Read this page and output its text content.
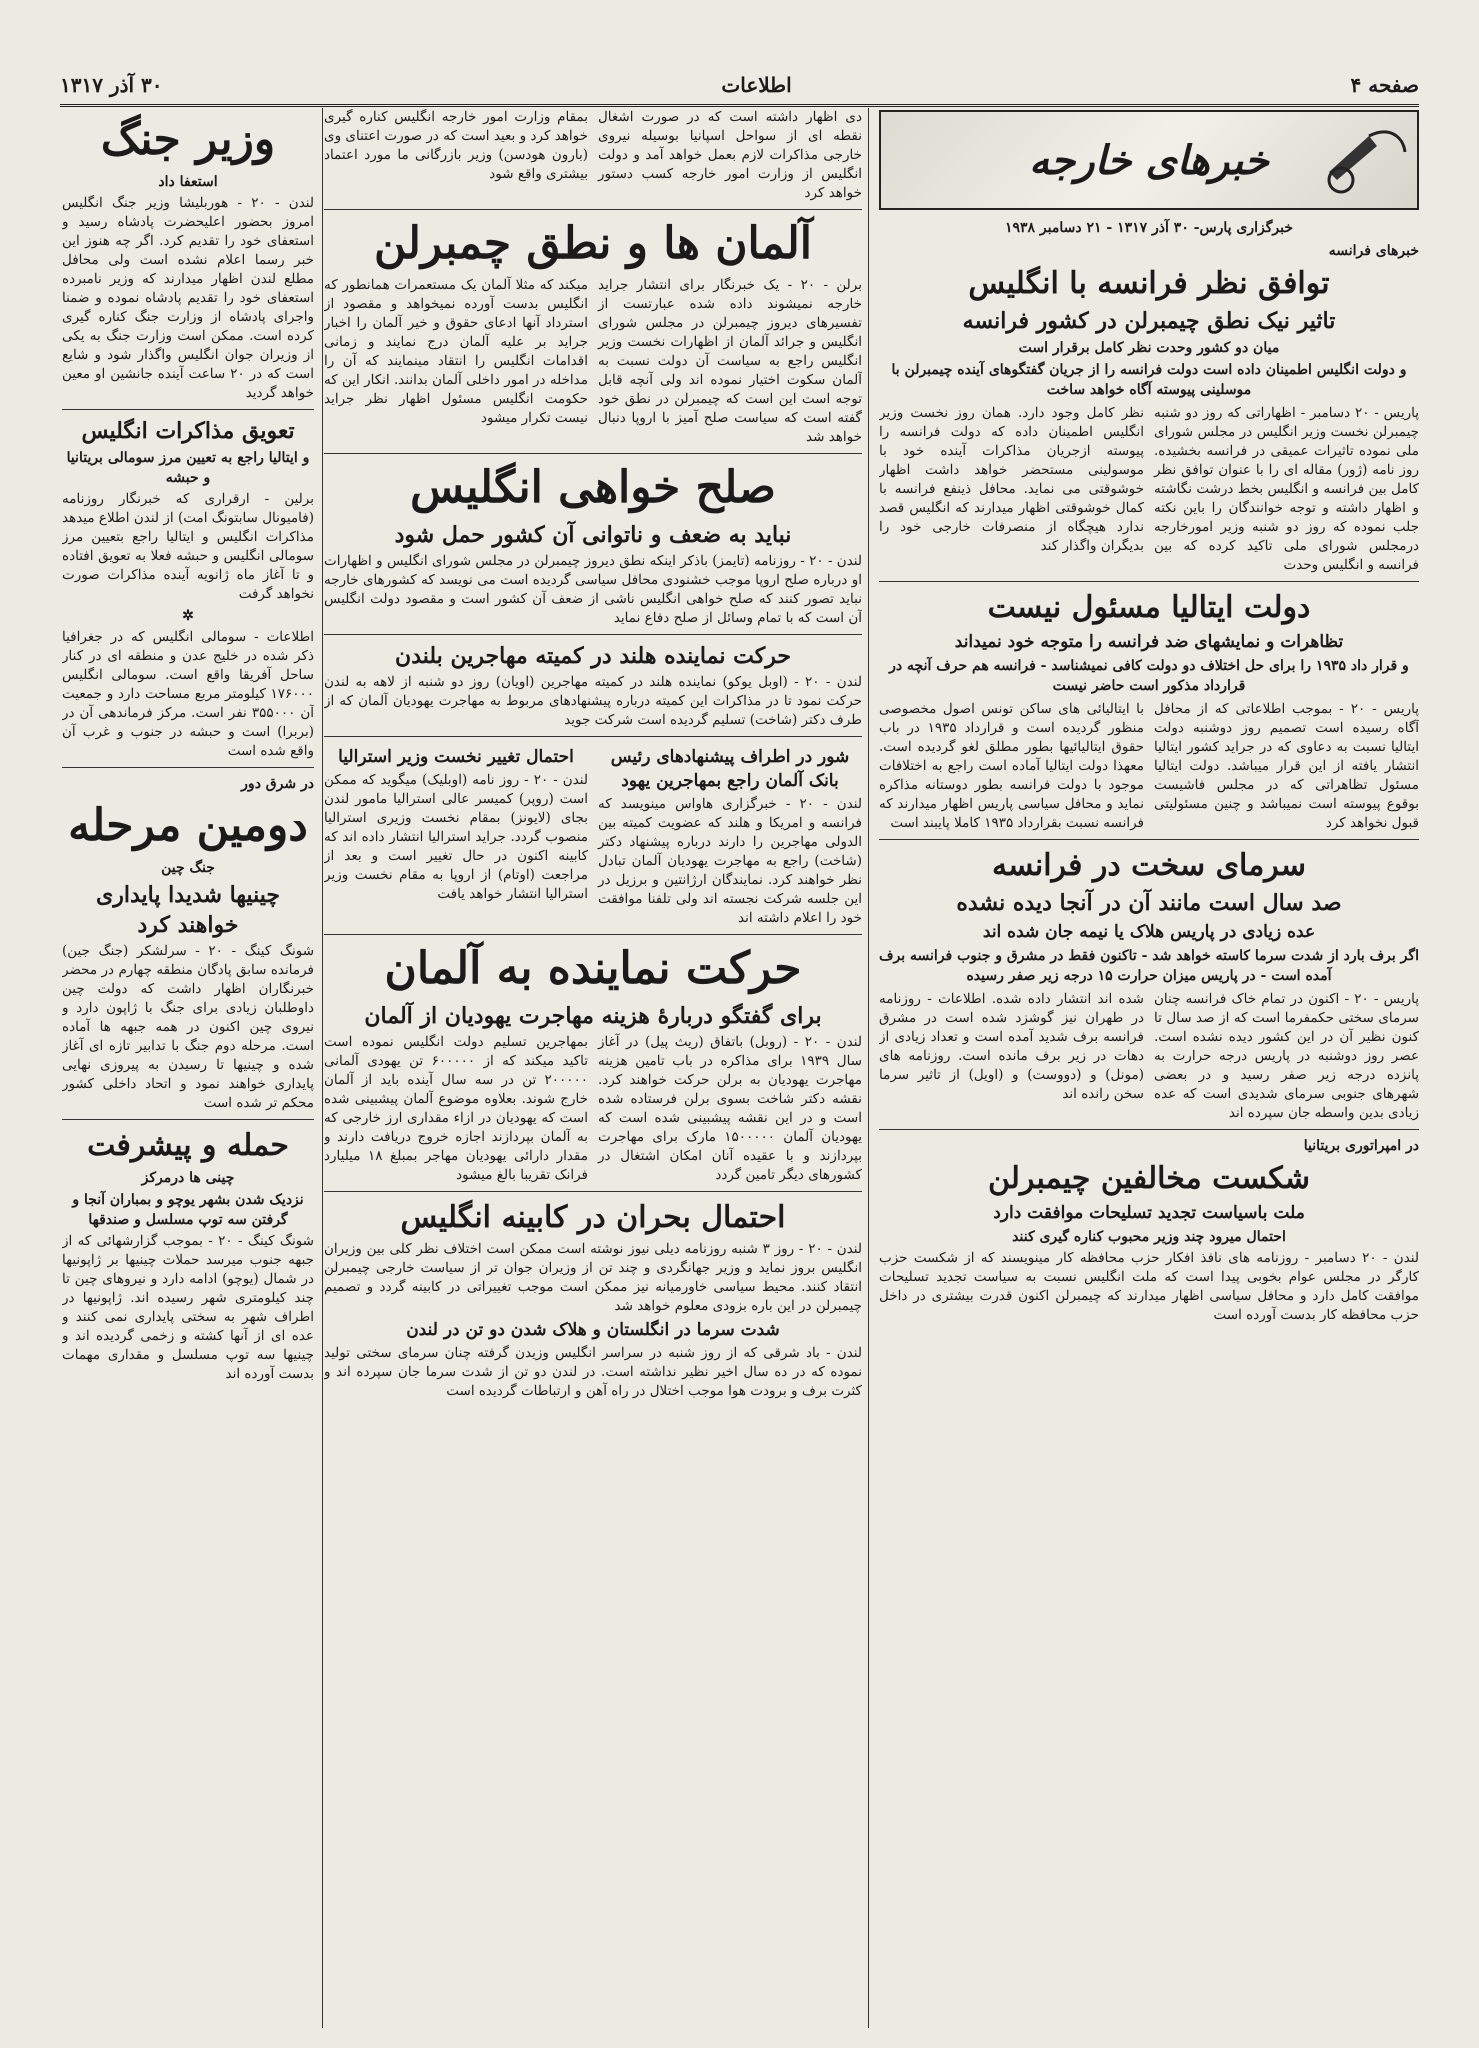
صفحه ۴
اطلاعات
۳۰ آذر ۱۳۱۷
خبرهای خارجه
خبرگزاری پارس- ۳۰ آذر ۱۳۱۷ - ۲۱ دسامبر ۱۹۳۸
خبرهای فرانسه
توافق نظر فرانسه با انگلیس
تاثیر نیک نطق چیمبرلن در کشور فرانسه
میان دو کشور وحدت نظر کامل برقرار است
و دولت انگلیس اطمینان داده است دولت فرانسه را از جریان گفتگوهای آینده چیمبرلن با موسلینی پیوسته آگاه خواهد ساخت

پاریس - ۲۰ دسامبر - اظهاراتی که روز دو شنبه چیمبرلن نخست وزیر انگلیس در مجلس شورای ملی نموده تاثیرات عمیقی در فرانسه بخشیده. روز نامه (ژور) مقاله ای را با عنوان توافق نظر کامل بین فرانسه و انگلیس بخط درشت نگاشته و اظهار داشته و توجه خوانندگان را باین نکته جلب نموده که روز دو شنبه وزیر امورخارجه درمجلس شورای ملی تاکید کرده که بین فرانسه و انگلیس وحدت

نظر کامل وجود دارد. همان روز نخست وزیر انگلیس اطمینان داده که دولت فرانسه را پیوسته ازجریان مذاکرات آینده خود با موسولینی مستحضر خواهد داشت اظهار خوشوقتی می نماید. محافل ذینفع فرانسه با کمال خوشوقتی اظهار میدارند که انگلیس قصد ندارد هیچگاه از منصرفات خارجی خود را بدیگران واگذار کند

دولت ایتالیا مسئول نیست
تظاهرات و نمایشهای ضد فرانسه را متوجه خود نمیداند
و قرار داد ۱۹۳۵ را برای حل اختلاف دو دولت کافی نمیشناسد - فرانسه هم حرف آنچه در قرارداد مذکور است حاضر نیست

پاریس - ۲۰ - بموجب اطلاعاتی که از محافل آگاه رسیده است تصمیم روز دوشنبه دولت ایتالیا نسبت به دعاوی که در جراید کشور ایتالیا انتشار یافته از این قرار میباشد. دولت ایتالیا مسئول تظاهراتی که در مجلس فاشیست بوقوع پیوسته است نمیباشد و چنین مسئولیتی قبول نخواهد کرد

با ایتالیائی های ساکن تونس اصول مخصوصی منظور گردیده است و قرارداد ۱۹۳۵ در باب حقوق ایتالیائیها بطور مطلق لغو گردیده است. معهذا دولت ایتالیا آماده است راجع به اختلافات موجود با دولت فرانسه بطور دوستانه مذاکره نماید و محافل سیاسی پاریس اظهار میدارند که فرانسه نسبت بقرارداد ۱۹۳۵ کاملا پایبند است

سرمای سخت در فرانسه
صد سال است مانند آن در آنجا دیده نشده
عده زیادی در پاریس هلاک یا نیمه جان شده اند
اگر برف بارد از شدت سرما کاسته خواهد شد - تاکنون فقط در مشرق و جنوب فرانسه برف آمده است - در پاریس میزان حرارت ۱۵ درجه زیر صفر رسیده

پاریس - ۲۰ - اکنون در تمام خاک فرانسه چنان سرمای سختی حکمفرما است که از صد سال تا کنون نظیر آن در این کشور دیده نشده است. عصر روز دوشنبه در پاریس درجه حرارت به پانزده درجه زیر صفر رسید و در بعضی شهرهای جنوبی سرمای شدیدی است که عده زیادی بدین واسطه جان سپرده اند

شده اند انتشار داده شده. اطلاعات - روزنامه در طهران نیز گوشزد شده است در مشرق فرانسه برف شدید آمده است و تعداد زیادی از دهات در زیر برف مانده است. روزنامه های (مونل) و (دووست) و (اویل) از تاثیر سرما سخن رانده اند

در امپراتوری بریتانیا
شکست مخالفین چیمبرلن
ملت باسیاست تجدید تسلیحات موافقت دارد
احتمال میرود چند وزیر محبوب کناره گیری کنند

لندن - ۲۰ دسامبر - روزنامه های نافذ افکار حزب محافظه کار مینویسند که از شکست حزب کارگر در مجلس عوام بخوبی پیدا است که ملت انگلیس نسبت به سیاست تجدید تسلیحات موافقت کامل دارد و محافل سیاسی اظهار میدارند که چیمبرلن اکنون قدرت بیشتری در داخل حزب محافظه کار بدست آورده است

دی اظهار داشته است که در صورت اشغال نقطه ای از سواحل اسپانیا بوسیله نیروی خارجی مذاکرات لازم بعمل خواهد آمد و دولت انگلیس از وزارت امور خارجه کسب دستور خواهد کرد

بمقام وزارت امور خارجه انگلیس کناره گیری خواهد کرد و بعید است که در صورت اعتنای وی (بارون هودسن) وزیر بازرگانی ما مورد اعتماد بیشتری واقع شود

آلمان ها و نطق چمبرلن

برلن - ۲۰ - یک خبرنگار برای انتشار جراید خارجه نمیشوند داده شده عبارتست از تفسیرهای دیروز چیمبرلن در مجلس شورای انگلیس و جرائد آلمان از اظهارات نخست وزیر انگلیس راجع به سیاست آن دولت نسبت به آلمان سکوت اختیار نموده اند ولی آنچه قابل توجه است این است که چیمبرلن در نطق خود گفته است که سیاست صلح آمیز با اروپا دنبال خواهد شد

میکند که مثلا آلمان یک مستعمرات همانطور که انگلیس بدست آورده نمیخواهد و مقصود از استرداد آنها ادعای حقوق و خیر آلمان را اخبار جراید بر علیه آلمان درج نمایند و زمانی اقدامات انگلیس را انتقاد مینمایند که آن را مداخله در امور داخلی آلمان بدانند. انکار این که حکومت انگلیس مسئول اظهار نظر جراید نیست تکرار میشود

صلح خواهی انگلیس
نباید به ضعف و ناتوانی آن کشور حمل شود

لندن - ۲۰ - روزنامه (تایمز) باذکر اینکه نطق دیروز چیمبرلن در مجلس شورای انگلیس و اظهارات او درباره صلح اروپا موجب خشنودی محافل سیاسی گردیده است می نویسد که کشورهای خارجه نباید تصور کنند که صلح خواهی انگلیس ناشی از ضعف آن کشور است و مقصود دولت انگلیس آن است که با تمام وسائل از صلح دفاع نماید

حرکت نماینده هلند در کمیته مهاجرین بلندن

لندن - ۲۰ - (اوبل یوکو) نماینده هلند در کمیته مهاجرین (اویان) روز دو شنبه از لاهه به لندن حرکت نمود تا در مذاکرات این کمیته درباره پیشنهادهای مربوط به مهاجرت یهودیان آلمان که از طرف دکتر (شاخت) تسلیم گردیده است شرکت جوید

شور در اطراف پیشنهادهای رئیس بانک آلمان راجع بمهاجرین یهود

لندن - ۲۰ - خبرگزاری هاواس مینویسد که فرانسه و امریکا و هلند که عضویت کمیته بین الدولی مهاجرین را دارند درباره پیشنهاد دکتر (شاخت) راجع به مهاجرت یهودیان آلمان تبادل نظر خواهند کرد. نمایندگان ارژانتین و برزیل در این جلسه شرکت نجسته اند ولی تلفنا موافقت خود را اعلام داشته اند

احتمال تغییر نخست وزیر استرالیا

لندن - ۲۰ - روز نامه (اوبلیک) میگوید که ممکن است (روپر) کمیسر عالی استرالیا مامور لندن بجای (لایونز) بمقام نخست وزیری استرالیا منصوب گردد. جراید استرالیا انتشار داده اند که کابینه اکنون در حال تغییر است و بعد از مراجعت (اوتام) از اروپا به مقام نخست وزیر استرالیا انتشار خواهد یافت

حرکت نماینده به آلمان
برای گفتگو دربارهٔ هزینه مهاجرت یهودیان از آلمان

لندن - ۲۰ - (روبل) باتفاق (ریث پیل) در آغاز سال ۱۹۳۹ برای مذاکره در باب تامین هزینه مهاجرت یهودیان به برلن حرکت خواهند کرد. نقشه دکتر شاخت بسوی برلن فرستاده شده است و در این نقشه پیشبینی شده است که یهودیان آلمان ۱۵۰۰۰۰۰ مارک برای مهاجرت بپردازند و با عقیده آنان امکان اشتغال در کشورهای دیگر تامین گردد

بمهاجرین تسلیم دولت انگلیس نموده است تاکید میکند که از ۶۰۰۰۰۰ تن یهودی آلمانی ۲۰۰۰۰۰ تن در سه سال آینده باید از آلمان خارج شوند. بعلاوه موضوع آلمان پیشبینی شده است که یهودیان در ازاء مقداری ارز خارجی که به آلمان بپردازند اجازه خروج دریافت دارند و مقدار دارائی یهودیان مهاجر بمبلغ ۱۸ میلیارد فرانک تقریبا بالغ میشود

احتمال بحران در کابینه انگلیس

لندن - ۲۰ - روز ۳ شنبه روزنامه دیلی نیوز نوشته است ممکن است اختلاف نظر کلی بین وزیران انگلیس بروز نماید و وزیر جهانگردی و چند تن از وزیران جوان تر از سیاست خارجی چیمبرلن انتقاد کنند. محیط سیاسی خاورمیانه نیز ممکن است موجب تغییراتی در کابینه گردد و تصمیم چیمبرلن در این باره بزودی معلوم خواهد شد

شدت سرما در انگلستان و هلاک شدن دو تن در لندن

لندن - باد شرقی که از روز شنبه در سراسر انگلیس وزیدن گرفته چنان سرمای سختی تولید نموده که در ده سال اخیر نظیر نداشته است. در لندن دو تن از شدت سرما جان سپرده اند و کثرت برف و برودت هوا موجب اختلال در راه آهن و ارتباطات گردیده است

وزیر جنگ
استعفا داد

لندن - ۲۰ - هوربلیشا وزیر جنگ انگلیس امروز بحضور اعلیحضرت پادشاه رسید و استعفای خود را تقدیم کرد. اگر چه هنوز این خبر رسما اعلام نشده است ولی محافل مطلع لندن اظهار میدارند که وزیر نامبرده استعفای خود را تقدیم پادشاه نموده و ضمنا واجرای پادشاه از وزارت جنگ کناره گیری کرده است. ممکن است وزارت جنگ به یکی از وزیران جوان انگلیس واگذار شود و شایع است که در ۲۰ ساعت آینده جانشین او معین خواهد گردید

تعویق مذاکرات انگلیس
و ایتالیا راجع به تعیین مرز سومالی بریتانیا و حبشه

برلین - ارقراری که خبرنگار روزنامه (فامیونال سابتونگ امت) از لندن اطلاع میدهد مذاکرات انگلیس و ایتالیا راجع بتعیین مرز سومالی انگلیس و حبشه فعلا به تعویق افتاده و تا آغاز ماه ژانویه آینده مذاکرات صورت نخواهد گرفت

✲

اطلاعات - سومالی انگلیس که در جغرافیا ذکر شده در خلیج عدن و منطقه ای در کنار ساحل آفریقا واقع است. سومالی انگلیس ۱۷۶۰۰۰ کیلومتر مربع مساحت دارد و جمعیت آن ۳۵۵۰۰۰ نفر است. مرکز فرماندهی آن در (بربرا) است و حبشه در جنوب و غرب آن واقع شده است

در شرق دور
دومین مرحله
جنگ چین
چینیها شدیدا پایداری خواهند کرد

شونگ کینگ - ۲۰ - سرلشکر (جنگ جین) فرمانده سابق پادگان منطقه چهارم در محضر خبرنگاران اظهار داشت که دولت چین داوطلبان زیادی برای جنگ با ژاپون دارد و نیروی چین اکنون در همه جبهه ها آماده است. مرحله دوم جنگ با تدابیر تازه ای آغاز شده و چینیها تا رسیدن به پیروزی نهایی پایداری خواهند نمود و اتحاد داخلی کشور محکم تر شده است

حمله و پیشرفت
چینی ها درمرکز
نزدیک شدن بشهر یوچو و بمباران آنجا و گرفتن سه توپ مسلسل و صندقها

شونگ کینگ - ۲۰ - بموجب گزارشهائی که از جبهه جنوب میرسد حملات چینیها بر ژاپونیها در شمال (یوچو) ادامه دارد و نیروهای چین تا چند کیلومتری شهر رسیده اند. ژاپونیها در اطراف شهر به سختی پایداری نمی کنند و عده ای از آنها کشته و زخمی گردیده اند و چینیها سه توپ مسلسل و مقداری مهمات بدست آورده اند
